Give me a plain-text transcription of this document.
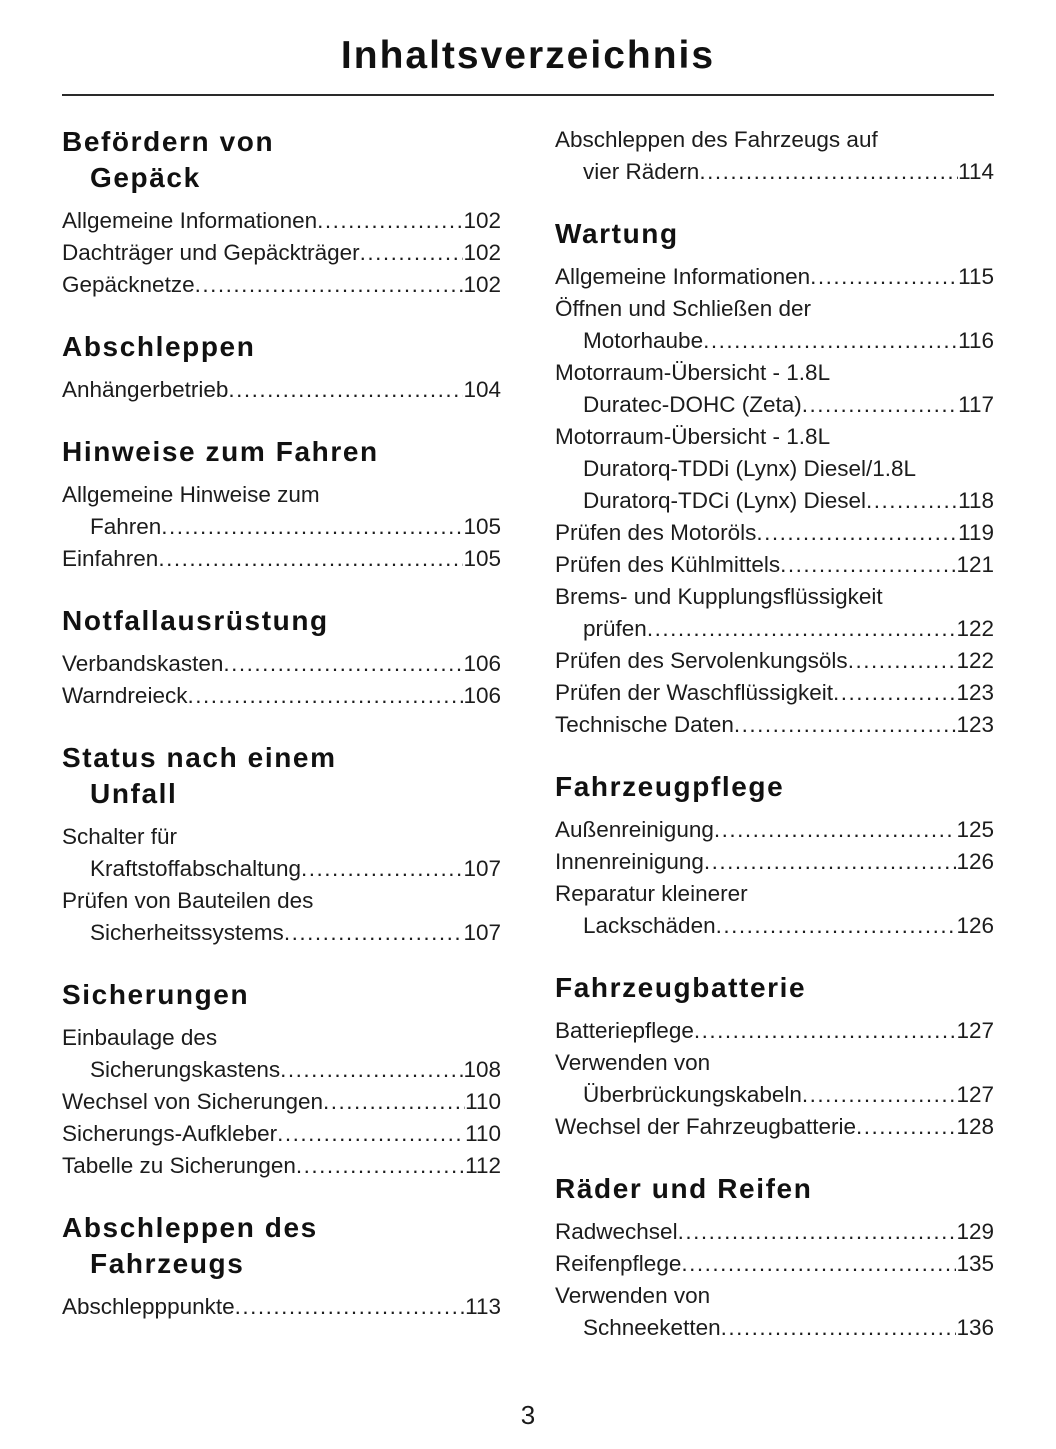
Inhaltsverzeichnis
Befördern von
Gepäck
Allgemeine Informationen .....	102
Dachträger und Gepäckträger .....	102
Gepäcknetze .....	102
Abschleppen
Anhängerbetrieb .....	104
Hinweise zum Fahren
Allgemeine Hinweise zum
Fahren .....	105
Einfahren .....	105
Notfallausrüstung
Verbandskasten .....	106
Warndreieck .....	106
Status nach einem
Unfall
Schalter für
Kraftstoffabschaltung .....	107
Prüfen von Bauteilen des
Sicherheitssystems .....	107
Sicherungen
Einbaulage des
Sicherungskastens .....	108
Wechsel von Sicherungen .....	110
Sicherungs-Aufkleber .....	110
Tabelle zu Sicherungen .....	112
Abschleppen des
Fahrzeugs
Abschlepppunkte .....	113
Abschleppen des Fahrzeugs auf
vier Rädern .....	114
Wartung
Allgemeine Informationen .....	115
Öffnen und Schließen der
Motorhaube .....	116
Motorraum-Übersicht - 1.8L
Duratec-DOHC (Zeta) .....	117
Motorraum-Übersicht - 1.8L
Duratorq-TDDi (Lynx) Diesel/1.8L
Duratorq-TDCi (Lynx) Diesel .....	118
Prüfen des Motoröls .....	119
Prüfen des Kühlmittels .....	121
Brems- und Kupplungsflüssigkeit
prüfen .....	122
Prüfen des Servolenkungsöls .....	122
Prüfen der Waschflüssigkeit .....	123
Technische Daten .....	123
Fahrzeugpflege
Außenreinigung .....	125
Innenreinigung .....	126
Reparatur kleinerer
Lackschäden .....	126
Fahrzeugbatterie
Batteriepflege .....	127
Verwenden von
Überbrückungskabeln .....	127
Wechsel der Fahrzeugbatterie .....	128
Räder und Reifen
Radwechsel .....	129
Reifenpflege .....	135
Verwenden von
Schneeketten .....	136
3
